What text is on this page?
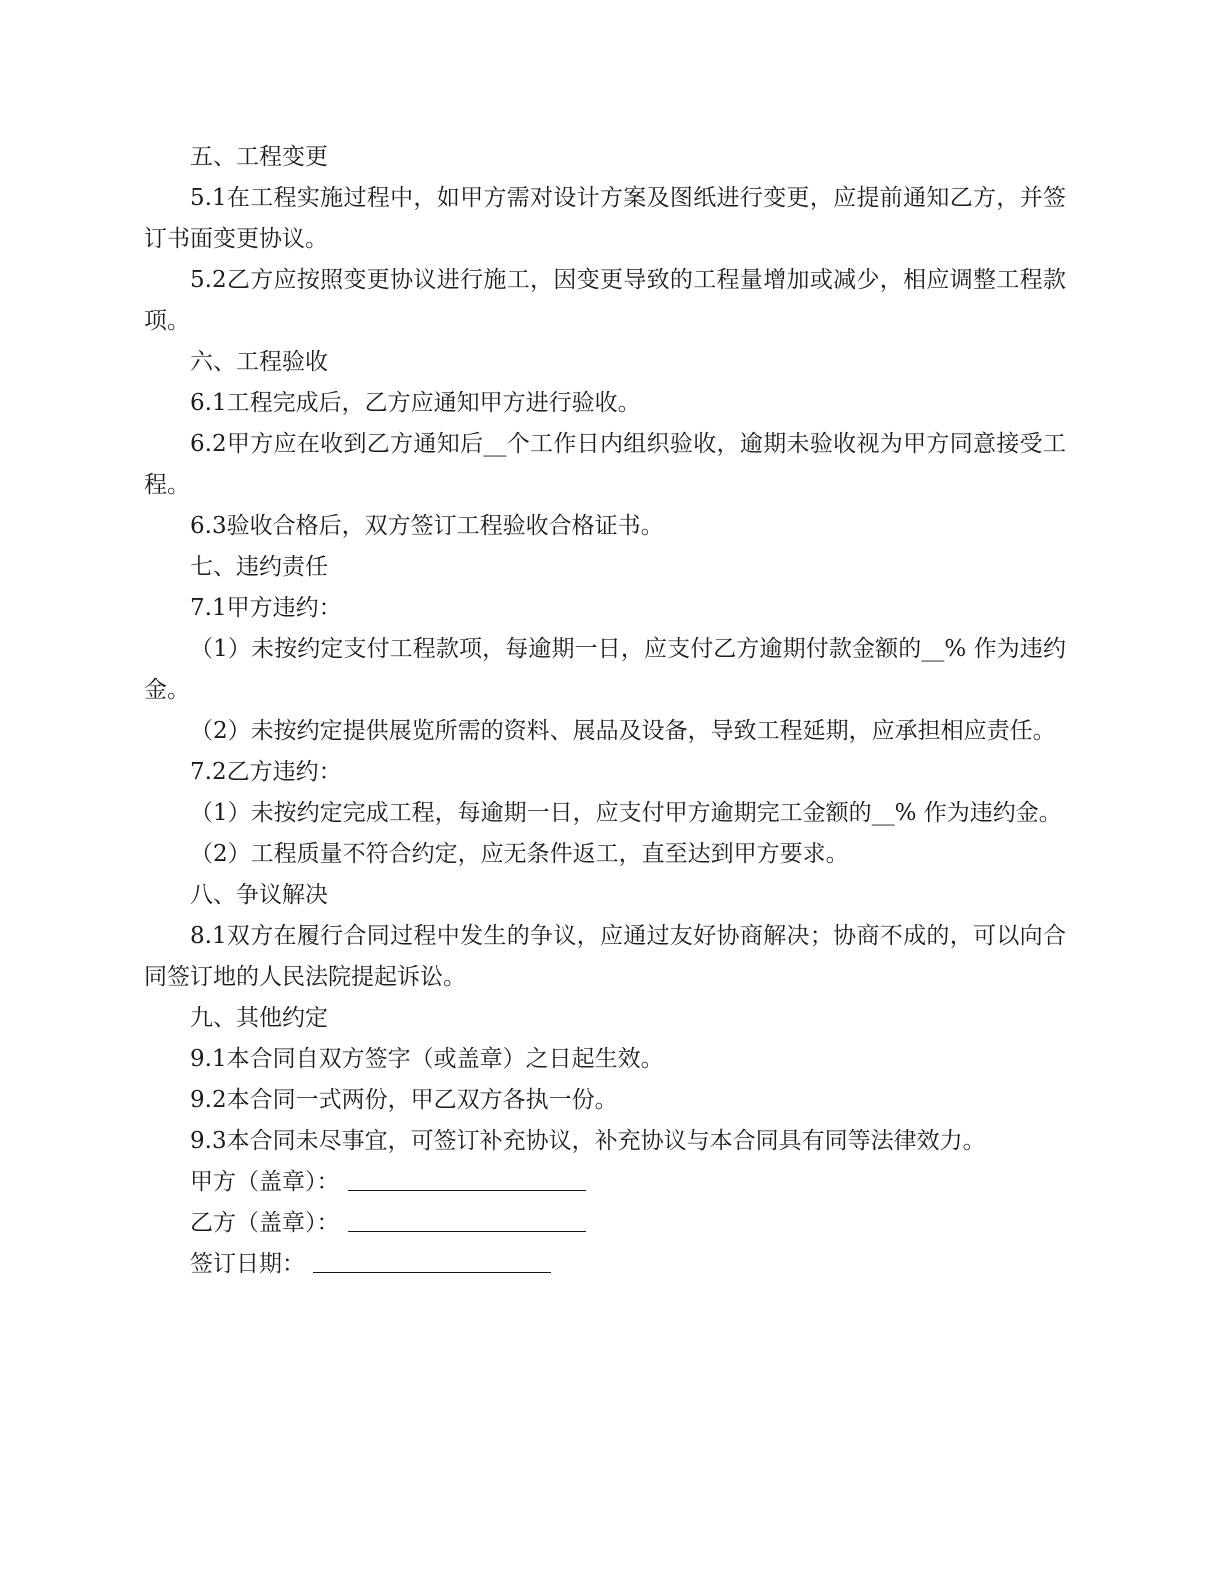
五、工程变更

5.1在工程实施过程中，如甲方需对设计方案及图纸进行变更，应提前通知乙方，并签订书面变更协议。

5.2乙方应按照变更协议进行施工，因变更导致的工程量增加或减少，相应调整工程款项。

六、工程验收

6.1工程完成后，乙方应通知甲方进行验收。

6.2甲方应在收到乙方通知后__个工作日内组织验收，逾期未验收视为甲方同意接受工程。

6.3验收合格后，双方签订工程验收合格证书。

七、违约责任

7.1甲方违约：

（1）未按约定支付工程款项，每逾期一日，应支付乙方逾期付款金额的__% 作为违约金。

（2）未按约定提供展览所需的资料、展品及设备，导致工程延期，应承担相应责任。

7.2乙方违约：

（1）未按约定完成工程，每逾期一日，应支付甲方逾期完工金额的__% 作为违约金。

（2）工程质量不符合约定，应无条件返工，直至达到甲方要求。

八、争议解决

8.1双方在履行合同过程中发生的争议，应通过友好协商解决；协商不成的，可以向合同签订地的人民法院提起诉讼。

九、其他约定

9.1本合同自双方签字（或盖章）之日起生效。

9.2本合同一式两份，甲乙双方各执一份。

9.3本合同未尽事宜，可签订补充协议，补充协议与本合同具有同等法律效力。

甲方（盖章）：

乙方（盖章）：

签订日期：
